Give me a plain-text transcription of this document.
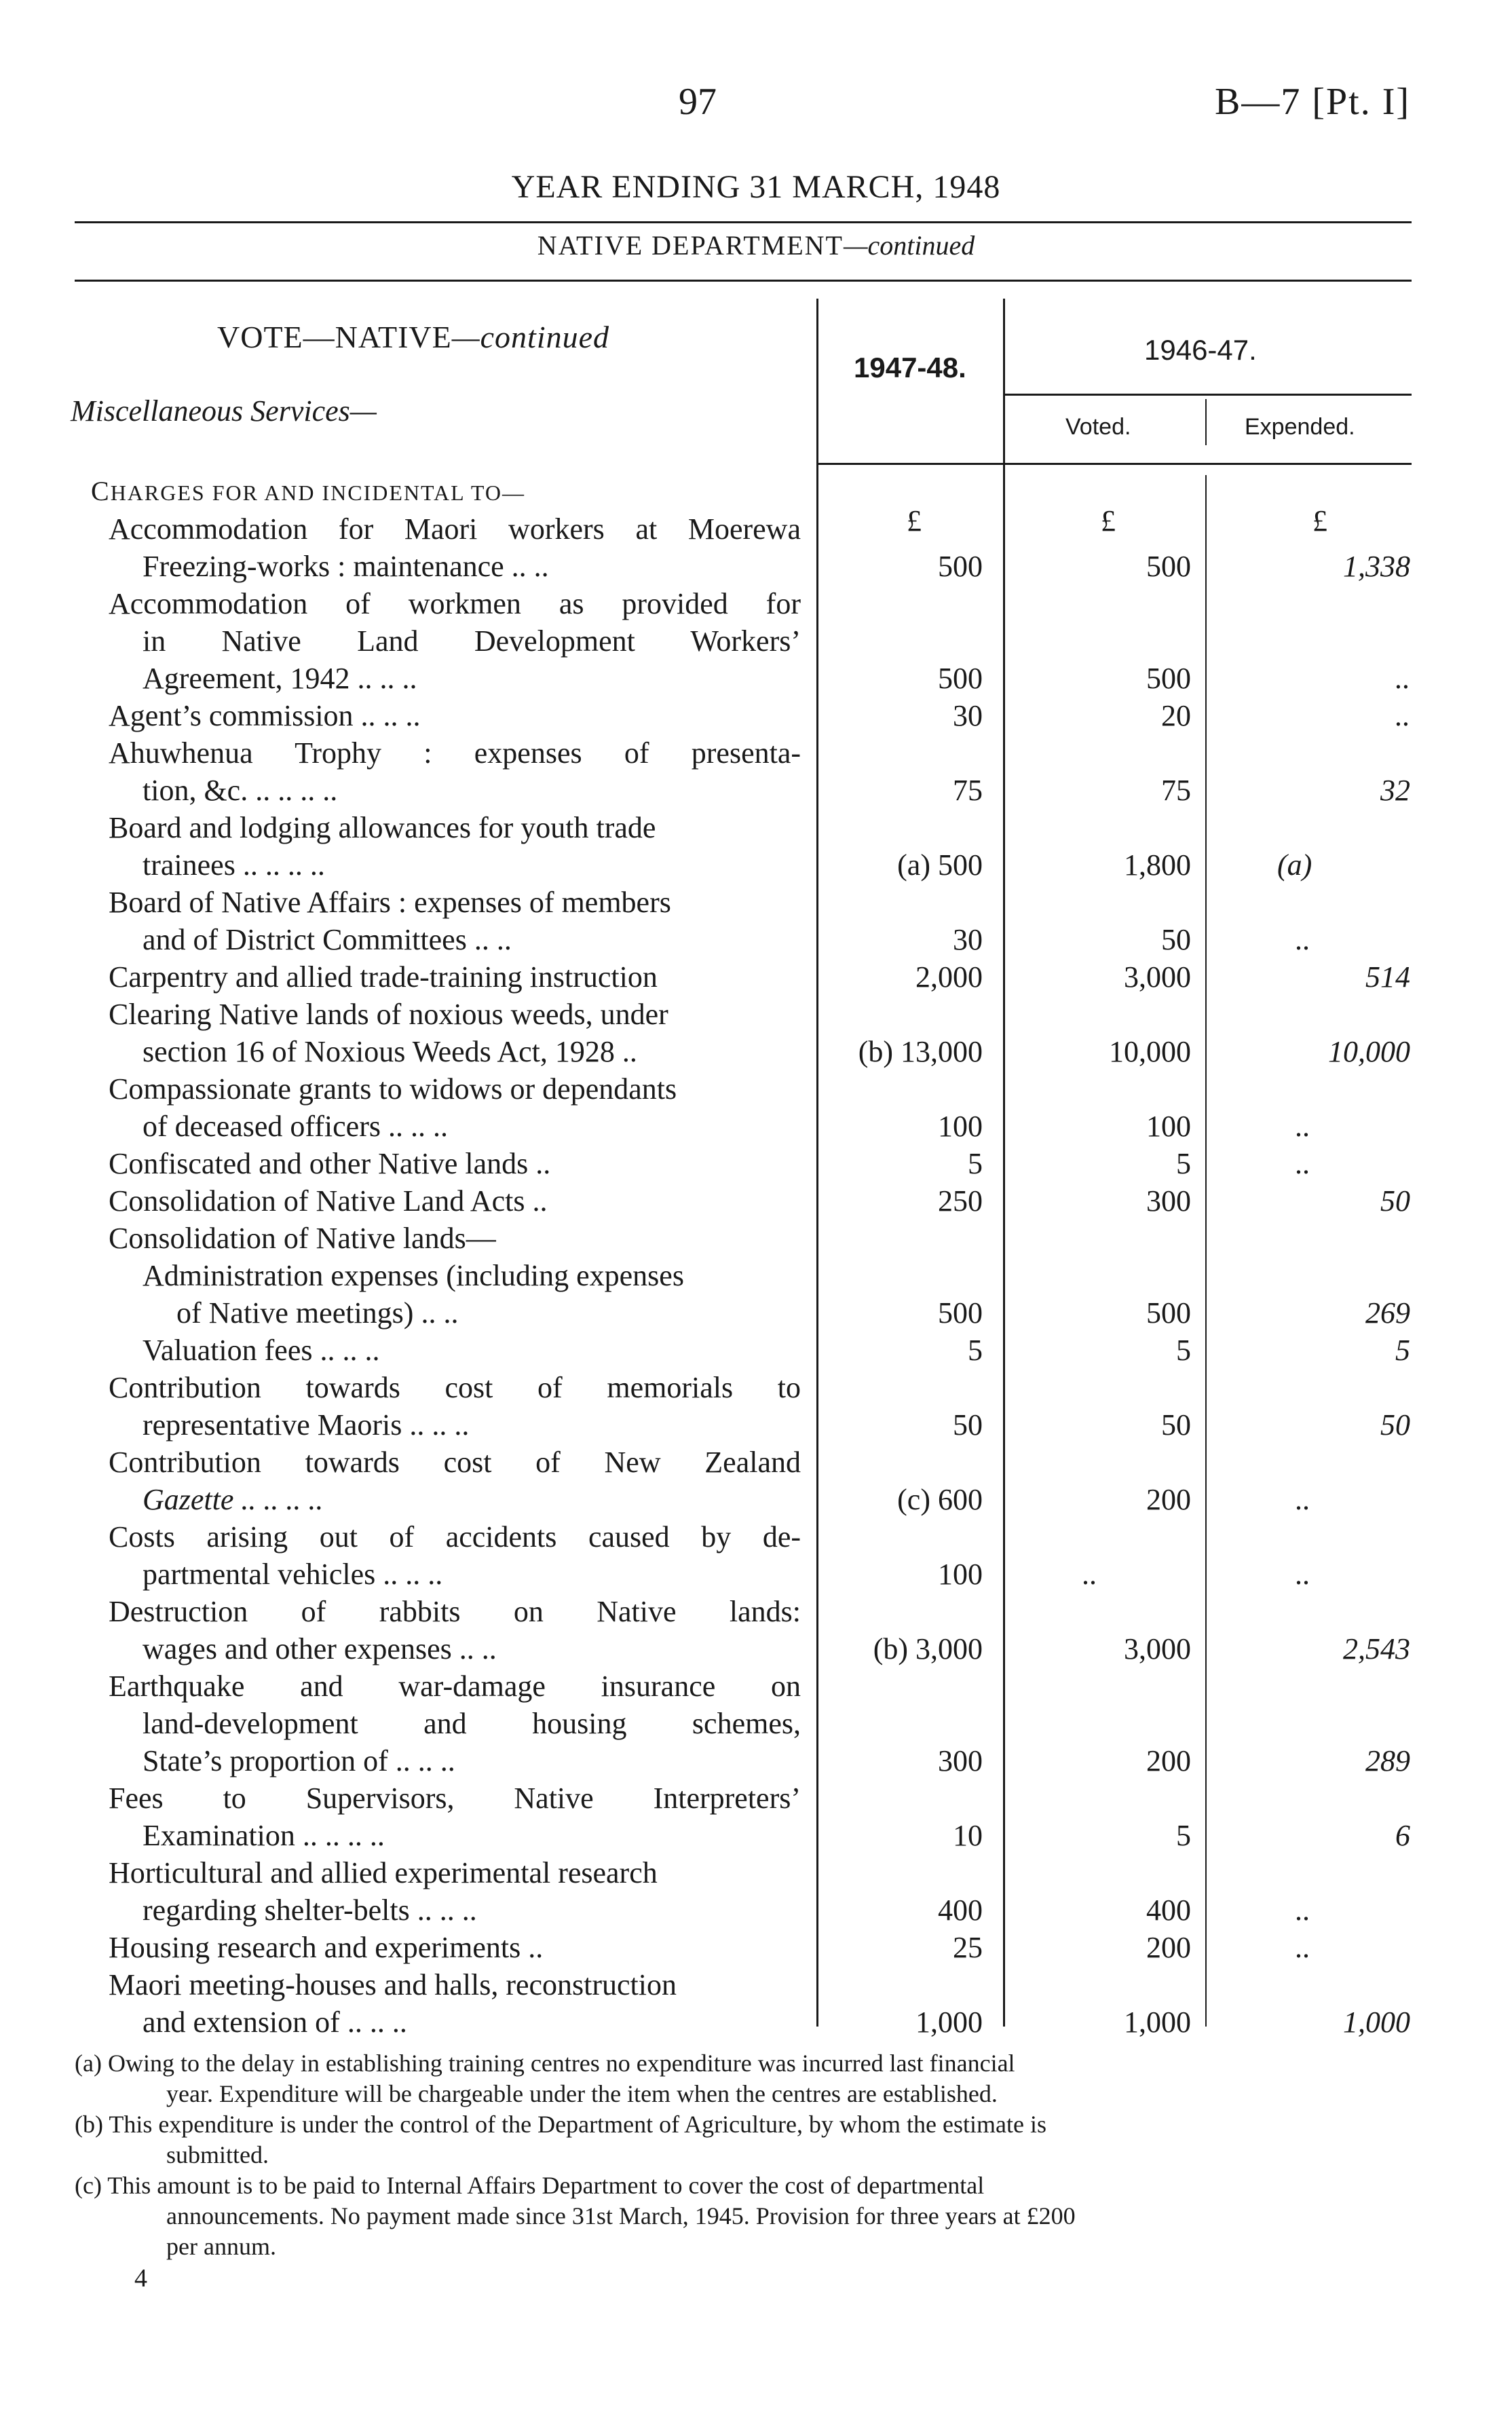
97	B—7 [Pt. I]
YEAR ENDING 31 MARCH, 1948
NATIVE DEPARTMENT—continued
VOTE—NATIVE—continued
Miscellaneous Services—
1947-48.
1946-47.
Voted.	Expended.
CHARGES FOR AND INCIDENTAL TO—
£	£	£
Accommodation for Maori workers at Moerewa
Freezing-works : maintenance .. ..	500	500	1,338
Accommodation of workmen as provided for
in Native Land Development Workers’
Agreement, 1942 .. .. ..	500	500	..
Agent’s commission .. .. ..	30	20	..
Ahuwhenua Trophy : expenses of presenta-
tion, &c. .. .. .. ..	75	75	32
Board and lodging allowances for youth trade
trainees .. .. .. ..	(a) 500	1,800	(a)
Board of Native Affairs : expenses of members
and of District Committees .. ..	30	50	..
Carpentry and allied trade-training instruction	2,000	3,000	514
Clearing Native lands of noxious weeds, under
section 16 of Noxious Weeds Act, 1928 ..	(b) 13,000	10,000	10,000
Compassionate grants to widows or dependants
of deceased officers .. .. ..	100	100	..
Confiscated and other Native lands ..	5	5	..
Consolidation of Native Land Acts ..	250	300	50
Consolidation of Native lands—
Administration expenses (including expenses
of Native meetings) .. ..	500	500	269
Valuation fees .. .. ..	5	5	5
Contribution towards cost of memorials to
representative Maoris .. .. ..	50	50	50
Contribution towards cost of New Zealand
Gazette .. .. .. ..	(c) 600	200	..
Costs arising out of accidents caused by de-
partmental vehicles .. .. ..	100	..	..
Destruction of rabbits on Native lands:
wages and other expenses .. ..	(b) 3,000	3,000	2,543
Earthquake and war-damage insurance on
land-development and housing schemes,
State’s proportion of .. .. ..	300	200	289
Fees to Supervisors, Native Interpreters’
Examination .. .. .. ..	10	5	6
Horticultural and allied experimental research
regarding shelter-belts .. .. ..	400	400	..
Housing research and experiments ..	25	200	..
Maori meeting-houses and halls, reconstruction
and extension of .. .. ..	1,000	1,000	1,000
(a) Owing to the delay in establishing training centres no expenditure was incurred last financial
year. Expenditure will be chargeable under the item when the centres are established.
(b) This expenditure is under the control of the Department of Agriculture, by whom the estimate is
submitted.
(c) This amount is to be paid to Internal Affairs Department to cover the cost of departmental
announcements. No payment made since 31st March, 1945. Provision for three years at £200
per annum.
4
